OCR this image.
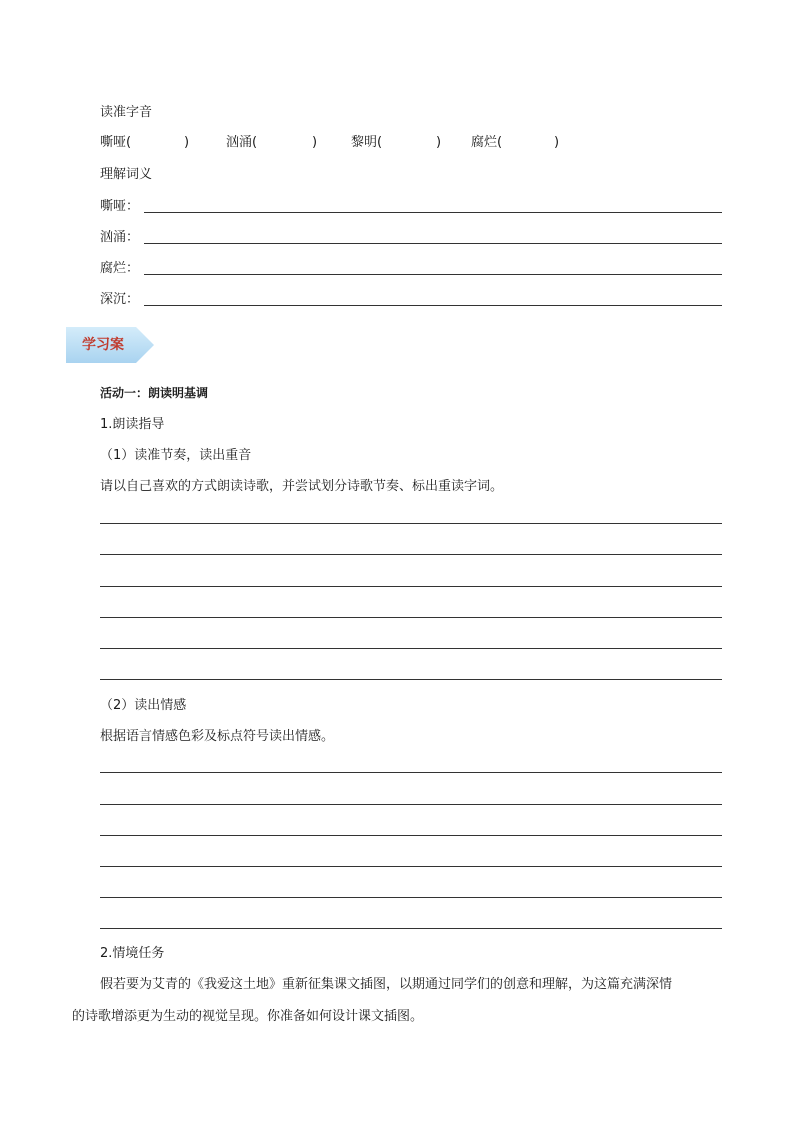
读准字音
嘶哑(	)	汹涌(	)	黎明(	) 腐烂(	)
理解词义
嘶哑：
汹涌：
腐烂：
深沉：
学习案
活动一：朗读明基调
1.朗读指导
（1）读准节奏，读出重音
请以自己喜欢的方式朗读诗歌，并尝试划分诗歌节奏、标出重读字词。
（2）读出情感
根据语言情感色彩及标点符号读出情感。
2.情境任务
假若要为艾青的《我爱这土地》重新征集课文插图，以期通过同学们的创意和理解，为这篇充满深情
的诗歌增添更为生动的视觉呈现。你准备如何设计课文插图。
